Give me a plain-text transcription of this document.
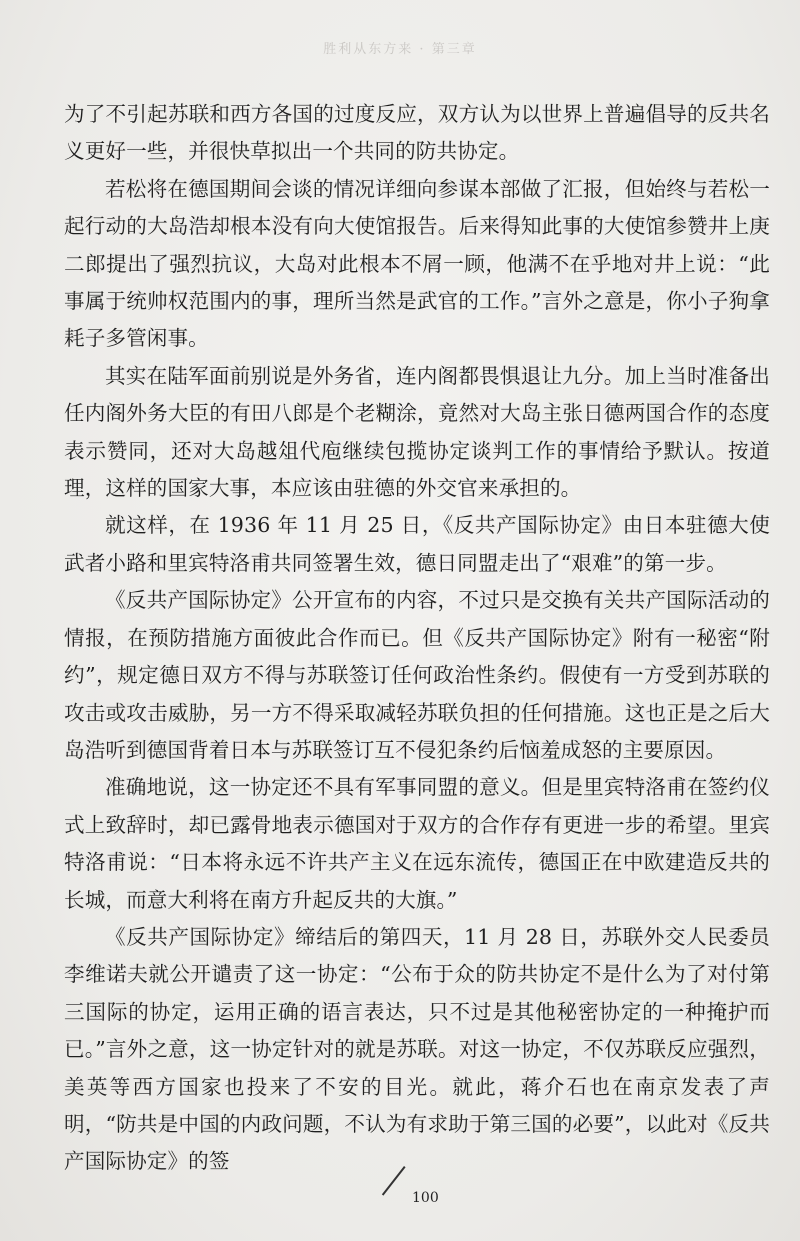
胜利从东方来 · 第三章

为了不引起苏联和西方各国的过度反应，双方认为以世界上普遍倡导的反共名义更好一些，并很快草拟出一个共同的防共协定。

若松将在德国期间会谈的情况详细向参谋本部做了汇报，但始终与若松一起行动的大岛浩却根本没有向大使馆报告。后来得知此事的大使馆参赞井上庚二郎提出了强烈抗议，大岛对此根本不屑一顾，他满不在乎地对井上说：“此事属于统帅权范围内的事，理所当然是武官的工作。”言外之意是，你小子狗拿耗子多管闲事。

其实在陆军面前别说是外务省，连内阁都畏惧退让九分。加上当时准备出任内阁外务大臣的有田八郎是个老糊涂，竟然对大岛主张日德两国合作的态度表示赞同，还对大岛越俎代庖继续包揽协定谈判工作的事情给予默认。按道理，这样的国家大事，本应该由驻德的外交官来承担的。

就这样，在 1936 年 11 月 25 日，《反共产国际协定》由日本驻德大使武者小路和里宾特洛甫共同签署生效，德日同盟走出了“艰难”的第一步。

《反共产国际协定》公开宣布的内容，不过只是交换有关共产国际活动的情报，在预防措施方面彼此合作而已。但《反共产国际协定》附有一秘密“附约”，规定德日双方不得与苏联签订任何政治性条约。假使有一方受到苏联的攻击或攻击威胁，另一方不得采取减轻苏联负担的任何措施。这也正是之后大岛浩听到德国背着日本与苏联签订互不侵犯条约后恼羞成怒的主要原因。

准确地说，这一协定还不具有军事同盟的意义。但是里宾特洛甫在签约仪式上致辞时，却已露骨地表示德国对于双方的合作存有更进一步的希望。里宾特洛甫说：“日本将永远不许共产主义在远东流传，德国正在中欧建造反共的长城，而意大利将在南方升起反共的大旗。”

《反共产国际协定》缔结后的第四天，11 月 28 日，苏联外交人民委员李维诺夫就公开谴责了这一协定：“公布于众的防共协定不是什么为了对付第三国际的协定，运用正确的语言表达，只不过是其他秘密协定的一种掩护而已。”言外之意，这一协定针对的就是苏联。对这一协定，不仅苏联反应强烈，美英等西方国家也投来了不安的目光。就此，蒋介石也在南京发表了声明，“防共是中国的内政问题，不认为有求助于第三国的必要”，以此对《反共产国际协定》的签

100
